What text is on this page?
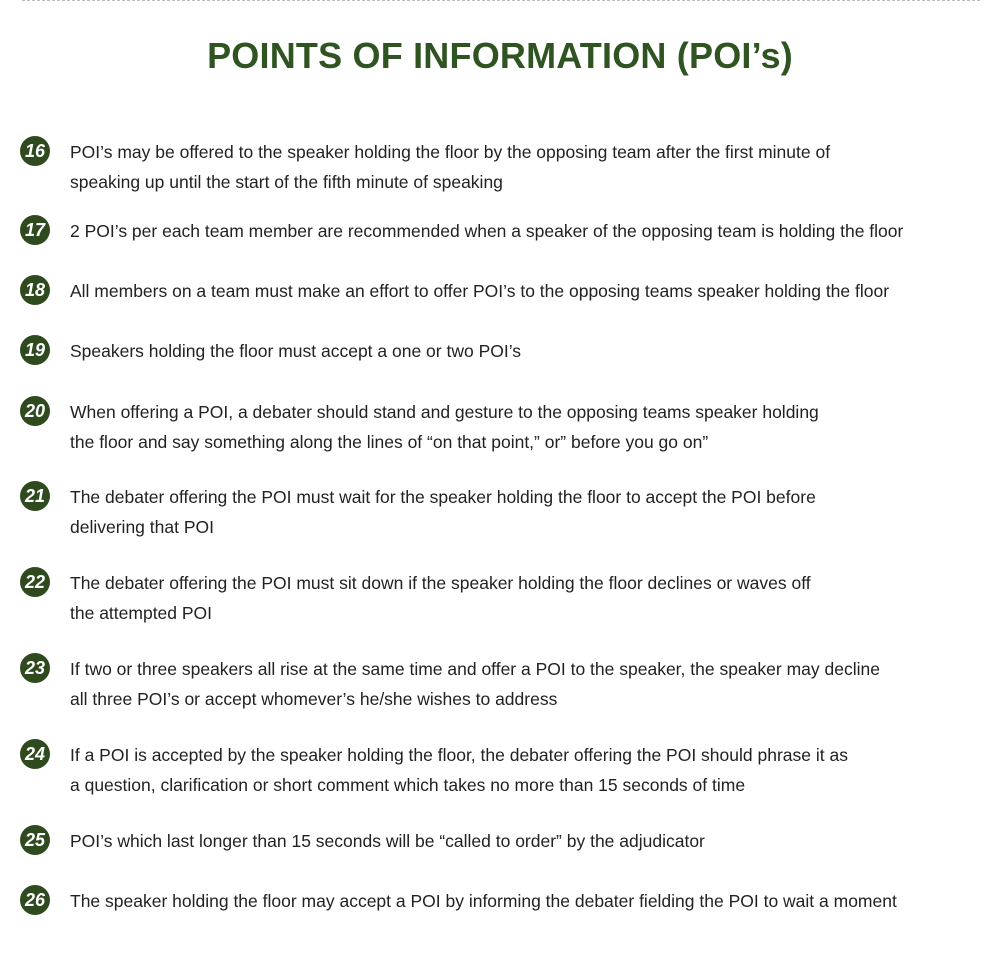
POINTS OF INFORMATION (POI’s)
16 POI’s may be offered to the speaker holding the floor by the opposing team after the first minute of
speaking up until the start of the fifth minute of speaking

17 2 POI’s per each team member are recommended when a speaker of the opposing team is holding the floor

18 All members on a team must make an effort to offer POI’s to the opposing teams speaker holding the floor

19 Speakers holding the floor must accept a one or two POI’s

20 When offering a POI, a debater should stand and gesture to the opposing teams speaker holding
the floor and say something along the lines of “on that point,” or” before you go on”

21 The debater offering the POI must wait for the speaker holding the floor to accept the POI before
delivering that POI

22 The debater offering the POI must sit down if the speaker holding the floor declines or waves off
the attempted POI

23 If two or three speakers all rise at the same time and offer a POI to the speaker, the speaker may decline
all three POI’s or accept whomever’s he/she wishes to address

24 If a POI is accepted by the speaker holding the floor, the debater offering the POI should phrase it as
a question, clarification or short comment which takes no more than 15 seconds of time

25 POI’s which last longer than 15 seconds will be “called to order” by the adjudicator

26 The speaker holding the floor may accept a POI by informing the debater fielding the POI to wait a moment
